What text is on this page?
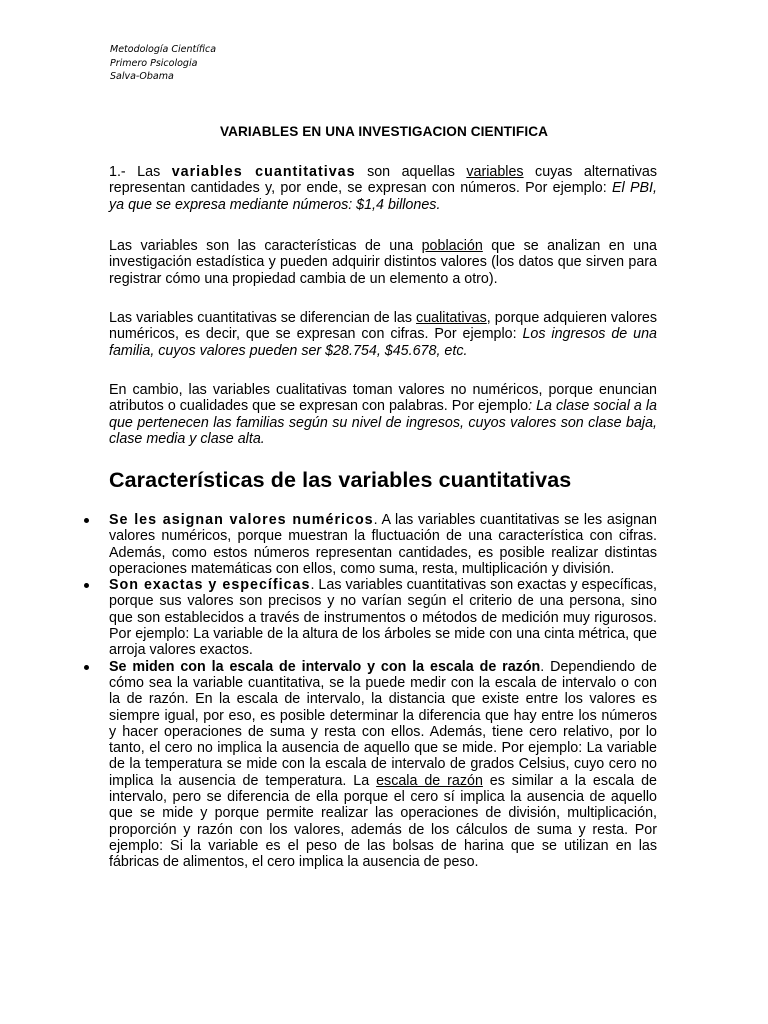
Metodología Científica
Primero Psicologia
Salva-Obama
VARIABLES EN UNA INVESTIGACION CIENTIFICA

1.- Las variables cuantitativas son aquellas variables cuyas alternativas representan cantidades y, por ende, se expresan con números. Por ejemplo: El PBI, ya que se expresa mediante números: $1,4 billones.

Las variables son las características de una población que se analizan en una investigación estadística y pueden adquirir distintos valores (los datos que sirven para registrar cómo una propiedad cambia de un elemento a otro).

Las variables cuantitativas se diferencian de las cualitativas, porque adquieren valores numéricos, es decir, que se expresan con cifras. Por ejemplo: Los ingresos de una familia, cuyos valores pueden ser $28.754, $45.678, etc.

En cambio, las variables cualitativas toman valores no numéricos, porque enuncian atributos o cualidades que se expresan con palabras. Por ejemplo: La clase social a la que pertenecen las familias según su nivel de ingresos, cuyos valores son clase baja, clase media y clase alta.

Características de las variables cuantitativas

Se les asignan valores numéricos. A las variables cuantitativas se les asignan valores numéricos, porque muestran la fluctuación de una característica con cifras. Además, como estos números representan cantidades, es posible realizar distintas operaciones matemáticas con ellos, como suma, resta, multiplicación y división.

Son exactas y específicas. Las variables cuantitativas son exactas y específicas, porque sus valores son precisos y no varían según el criterio de una persona, sino que son establecidos a través de instrumentos o métodos de medición muy rigurosos. Por ejemplo: La variable de la altura de los árboles se mide con una cinta métrica, que arroja valores exactos.

Se miden con la escala de intervalo y con la escala de razón. Dependiendo de cómo sea la variable cuantitativa, se la puede medir con la escala de intervalo o con la de razón. En la escala de intervalo, la distancia que existe entre los valores es siempre igual, por eso, es posible determinar la diferencia que hay entre los números y hacer operaciones de suma y resta con ellos. Además, tiene cero relativo, por lo tanto, el cero no implica la ausencia de aquello que se mide. Por ejemplo: La variable de la temperatura se mide con la escala de intervalo de grados Celsius, cuyo cero no implica la ausencia de temperatura. La escala de razón es similar a la escala de intervalo, pero se diferencia de ella porque el cero sí implica la ausencia de aquello que se mide y porque permite realizar las operaciones de división, multiplicación, proporción y razón con los valores, además de los cálculos de suma y resta. Por ejemplo: Si la variable es el peso de las bolsas de harina que se utilizan en las fábricas de alimentos, el cero implica la ausencia de peso.
